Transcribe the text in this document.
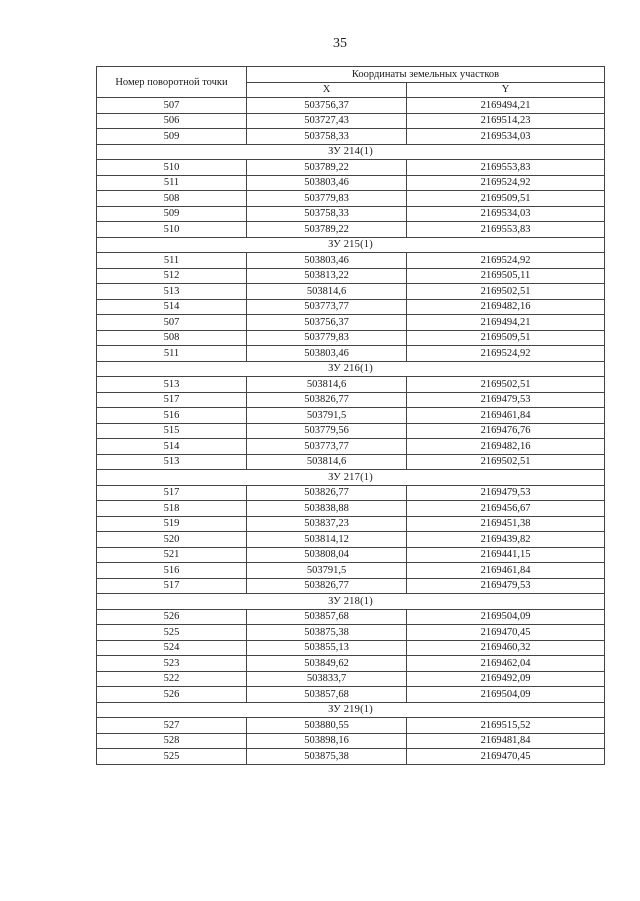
35
Номер поворотной точки	Координаты земельных участков	
	X	Y
507	503756,37	2169494,21
506	503727,43	2169514,23
509	503758,33	2169534,03
ЗУ 214(1)		
510	503789,22	2169553,83
511	503803,46	2169524,92
508	503779,83	2169509,51
509	503758,33	2169534,03
510	503789,22	2169553,83
ЗУ 215(1)		
511	503803,46	2169524,92
512	503813,22	2169505,11
513	503814,6	2169502,51
514	503773,77	2169482,16
507	503756,37	2169494,21
508	503779,83	2169509,51
511	503803,46	2169524,92
ЗУ 216(1)		
513	503814,6	2169502,51
517	503826,77	2169479,53
516	503791,5	2169461,84
515	503779,56	2169476,76
514	503773,77	2169482,16
513	503814,6	2169502,51
ЗУ 217(1)		
517	503826,77	2169479,53
518	503838,88	2169456,67
519	503837,23	2169451,38
520	503814,12	2169439,82
521	503808,04	2169441,15
516	503791,5	2169461,84
517	503826,77	2169479,53
ЗУ 218(1)		
526	503857,68	2169504,09
525	503875,38	2169470,45
524	503855,13	2169460,32
523	503849,62	2169462,04
522	503833,7	2169492,09
526	503857,68	2169504,09
ЗУ 219(1)		
527	503880,55	2169515,52
528	503898,16	2169481,84
525	503875,38	2169470,45
